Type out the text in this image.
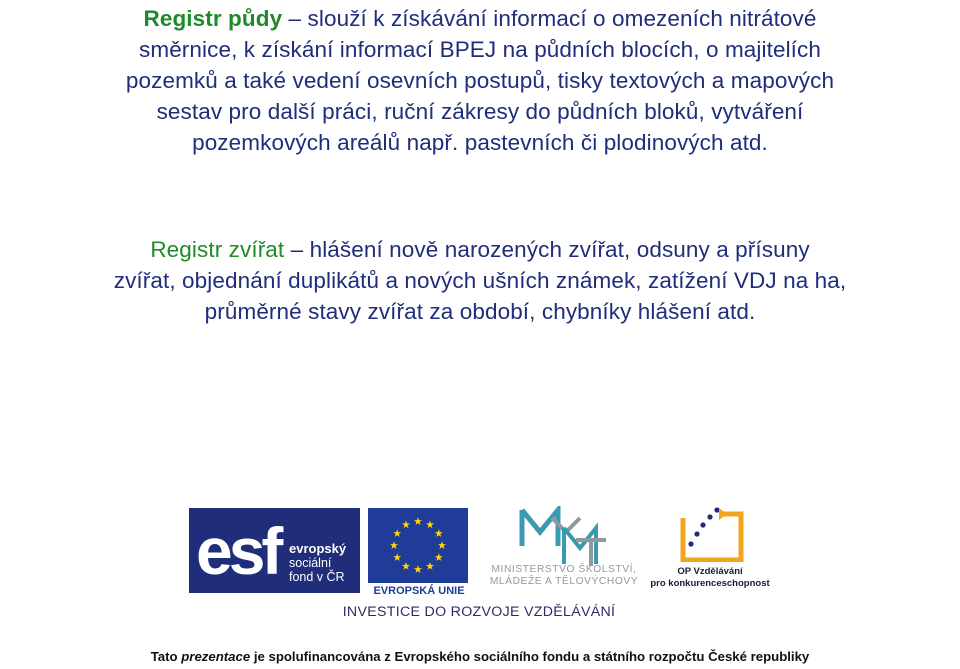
Registr půdy – slouží k získávání informací o omezeních nitrátové
směrnice, k získání informací BPEJ na půdních blocích, o majitelích
pozemků a také vedení osevních postupů, tisky textových a mapových
sestav pro další práci, ruční zákresy do půdních bloků, vytváření
pozemkových areálů např. pastevních či plodinových atd.
Registr zvířat – hlášení nově narozených zvířat, odsuny a přísuny
zvířat, objednání duplikátů a nových ušních známek, zatížení VDJ na ha,
průměrné stavy zvířat za období, chybníky hlášení atd.
esf evropský
sociální
fond v ČR
EVROPSKÁ UNIE
MINISTERSTVO ŠKOLSTVÍ,
MLÁDEŽE A TĚLOVÝCHOVY
OP Vzdělávání
pro konkurenceschopnost
INVESTICE DO ROZVOJE VZDĚLÁVÁNÍ
Tato prezentace je spolufinancována z Evropského sociálního fondu a státního rozpočtu České republiky
